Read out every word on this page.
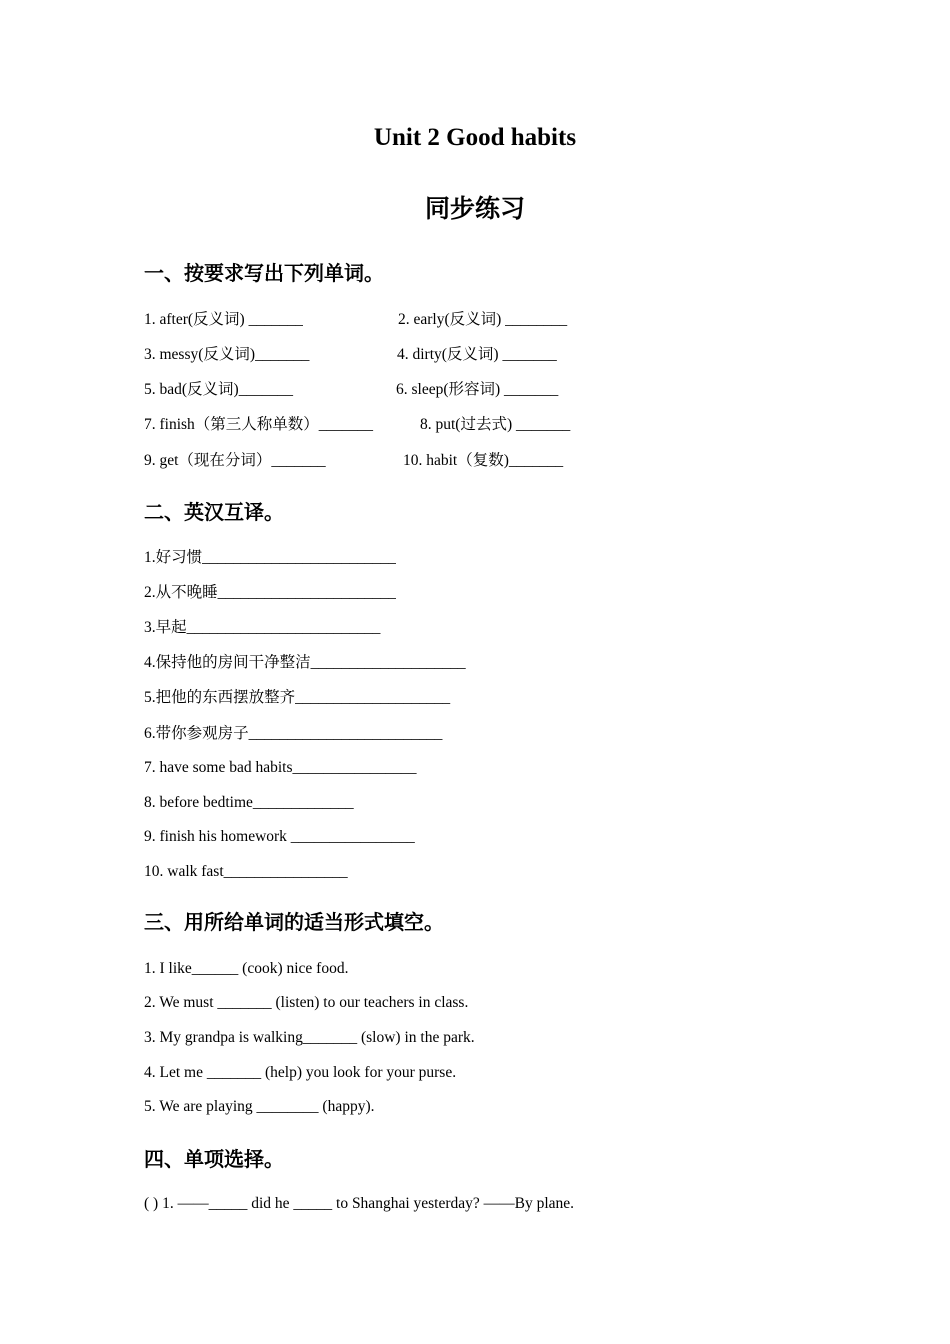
Unit 2 Good habits
同步练习
一、按要求写出下列单词。
1. after(反义词) _______	2. early(反义词) ________
3. messy(反义词)_______	4. dirty(反义词) _______
5. bad(反义词)_______	6. sleep(形容词) _______
7. finish（第三人称单数）_______	8. put(过去式) _______
9. get（现在分词）_______	10. habit（复数)_______
二、英汉互译。
1.好习惯_________________________
2.从不晚睡_______________________
3.早起_________________________
4.保持他的房间干净整洁____________________
5.把他的东西摆放整齐____________________
6.带你参观房子_________________________
7. have some bad habits________________
8. before bedtime_____________
9. finish his homework ________________
10. walk fast________________
三、用所给单词的适当形式填空。
1. I like______ (cook) nice food.
2. We must _______ (listen) to our teachers in class.
3. My grandpa is walking_______ (slow) in the park.
4. Let me _______ (help) you look for your purse.
5. We are playing ________ (happy).
四、单项选择。
( ) 1. ——_____ did he _____ to Shanghai yesterday? ——By plane.
